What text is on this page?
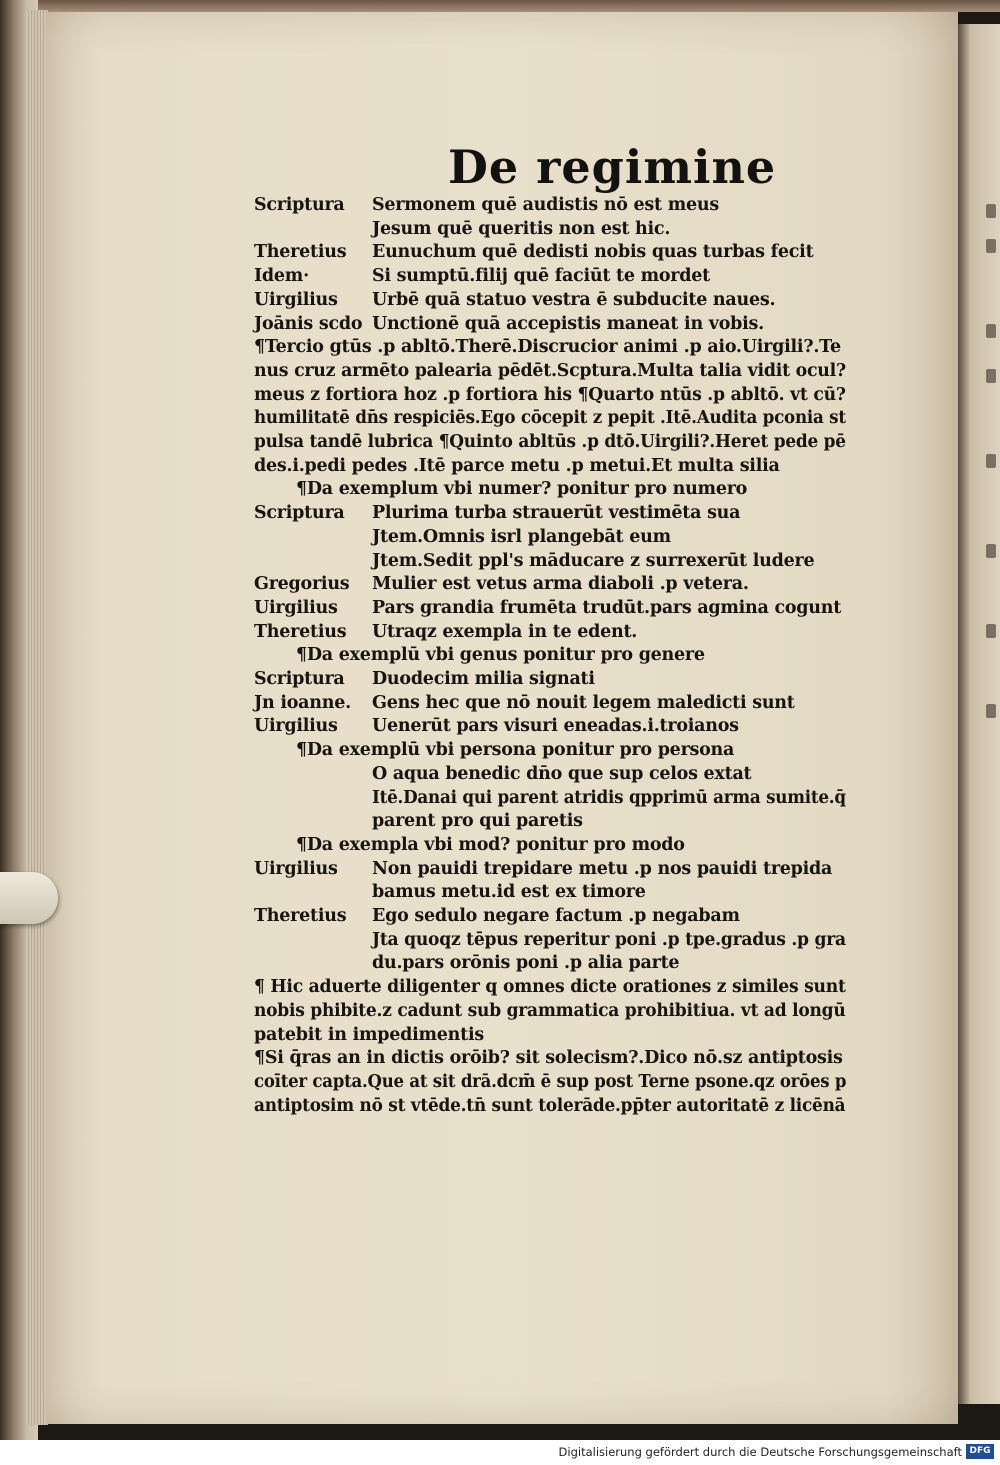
De regimine
Scriptura Sermonem quē audistis nō est meus
Jesum quē queritis non est hic.
Theretius Eunuchum quē dedisti nobis quas turbas fecit
Idem·	Si sumptū.filij quē faciūt te mordet
Uirgilius Urbē quā statuo vestra ē subducite naues.
Joānis scdo Unctionē quā accepistis maneat in vobis.
¶Tercio gtūs .p abltō.Therē.Discrucior animi .p aio.Uirgili?.Te
nus cruz armēto palearia pēdēt.Scptura.Multa talia vidit ocul?
meus z fortiora hoz .p fortiora his ¶Quarto ntūs .p abltō. vt cū?
humilitatē dn̄s respiciēs.Ego cōcepit z pepit .Itē.Audita pconia st
pulsa tandē lubrica ¶Quinto abltūs .p dtō.Uirgili?.Heret pede pē
des.i.pedi pedes .Itē parce metu .p metui.Et multa silia
¶Da exemplum vbi numer? ponitur pro numero
Scriptura Plurima turba strauerūt vestimēta sua
Jtem.Omnis isrl plangebāt eum
Jtem.Sedit ppl's māducare z surrexerūt ludere
Gregorius Mulier est vetus arma diaboli .p vetera.
Uirgilius Pars grandia frumēta trudūt.pars agmina cogunt
Theretius Utraqz exempla in te edent.
¶Da exemplū vbi genus ponitur pro genere
Scriptura Duodecim milia signati
Jn ioanne. Gens hec que nō nouit legem maledicti sunt
Uirgilius Uenerūt pars visuri eneadas.i.troianos
¶Da exemplū vbi persona ponitur pro persona
O aqua benedic dn̄o que sup celos extat
Itē.Danai qui parent atridis qpprimū arma sumite.q̄
parent pro qui paretis
¶Da exempla vbi mod? ponitur pro modo
Uirgilius Non pauidi trepidare metu .p nos pauidi trepida
bamus metu.id est ex timore
Theretius Ego sedulo negare factum .p negabam
Jta quoqz tēpus reperitur poni .p tpe.gradus .p gra
du.pars orōnis poni .p alia parte
¶ Hic aduerte diligenter q omnes dicte orationes z similes sunt
nobis phibite.z cadunt sub grammatica prohibitiua. vt ad longū
patebit in impedimentis
¶Si q̄ras an in dictis orōib? sit solecism?.Dico nō.sz antiptosis
coīter capta.Que at sit drā.dcm̄ ē sup post Terne psone.qz orōes p
antiptosim nō st vtēde.tn̄ sunt tolerāde.pp̄ter autoritatē z licēnā
Digitalisierung gefördert durch die Deutsche Forschungsgemeinschaft DFG
